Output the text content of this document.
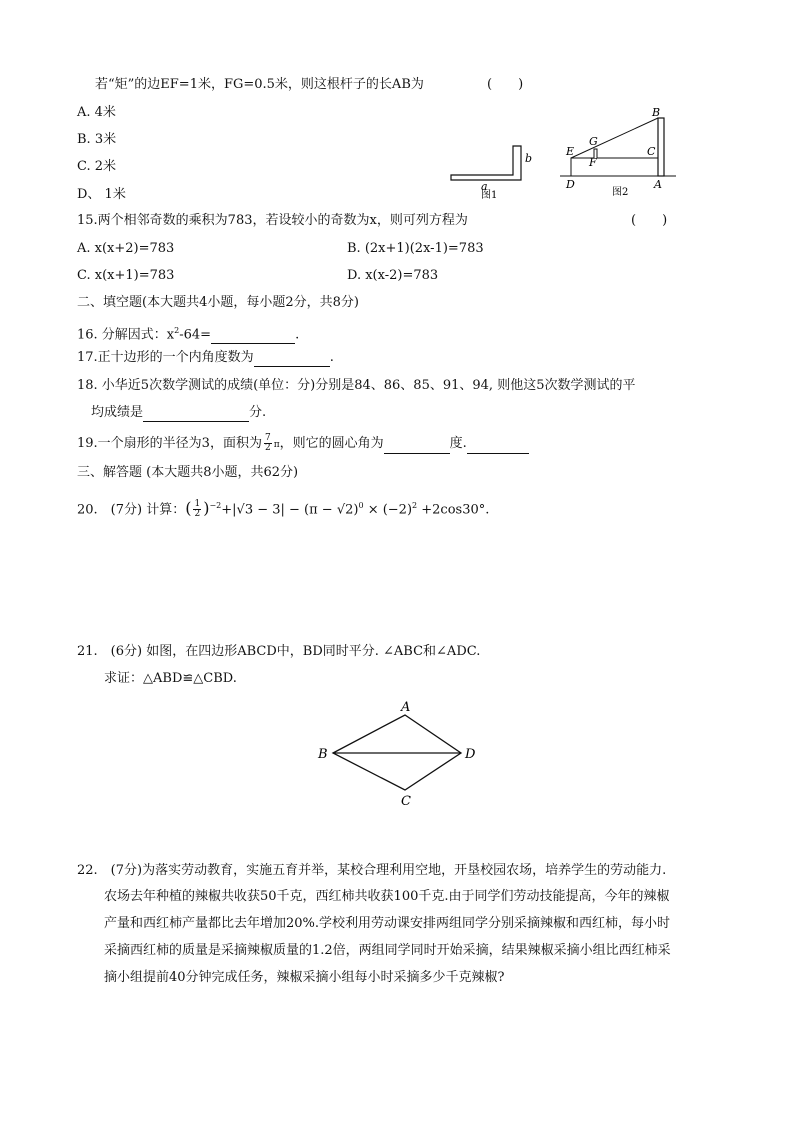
若“矩”的边EF=1米，FG=0.5米，则这根杆子的长AB为	(　　)
A. 4米
B. 3米
C. 2米
D、 1米
b
a
图1
B
G
E
F
C
D	A
图2
15.两个相邻奇数的乘积为783，若设较小的奇数为x，则可列方程为	(　　)
A. x(x+2)=783	B. (2x+1)(2x-1)=783
C. x(x+1)=783	D. x(x-2)=783
二、填空题(本大题共4小题，每小题2分，共8分)
16. 分解因式：$x^2-64=$	.
17.正十边形的一个内角度数为	.
18. 小华近5次数学测试的成绩(单位：分)分别是84、86、85、91、94, 则他这5次数学测试的平
均成绩是	分.
19.一个扇形的半径为3，面积为 $\frac{7}{2}$ π，则它的圆心角为	度.
三、解答题 (本大题共8小题，共62分)
20.　(7分) 计算：( $\frac{1}{2} )^{-2}+|√3 - 3| - (\pi - √2)^0 \times (-2)^2 +2\cos 30^\circ$.
21.　(6分) 如图，在四边形ABCD中，BD同时平分. ∠ABC和∠ADC.
求证：△ABD≌△CBD.
A
B	D
C
22.　(7分)为落实劳动教育，实施五育并举，某校合理利用空地，开垦校园农场，培养学生的劳动能力.
农场去年种植的辣椒共收获50千克，西红柿共收获100千克.由于同学们劳动技能提高，今年的辣椒
产量和西红柿产量都比去年增加20%.学校利用劳动课安排两组同学分别采摘辣椒和西红柿，每小时
采摘西红柿的质量是采摘辣椒质量的1.2倍，两组同学同时开始采摘，结果辣椒采摘小组比西红柿采
摘小组提前40分钟完成任务，辣椒采摘小组每小时采摘多少千克辣椒?
